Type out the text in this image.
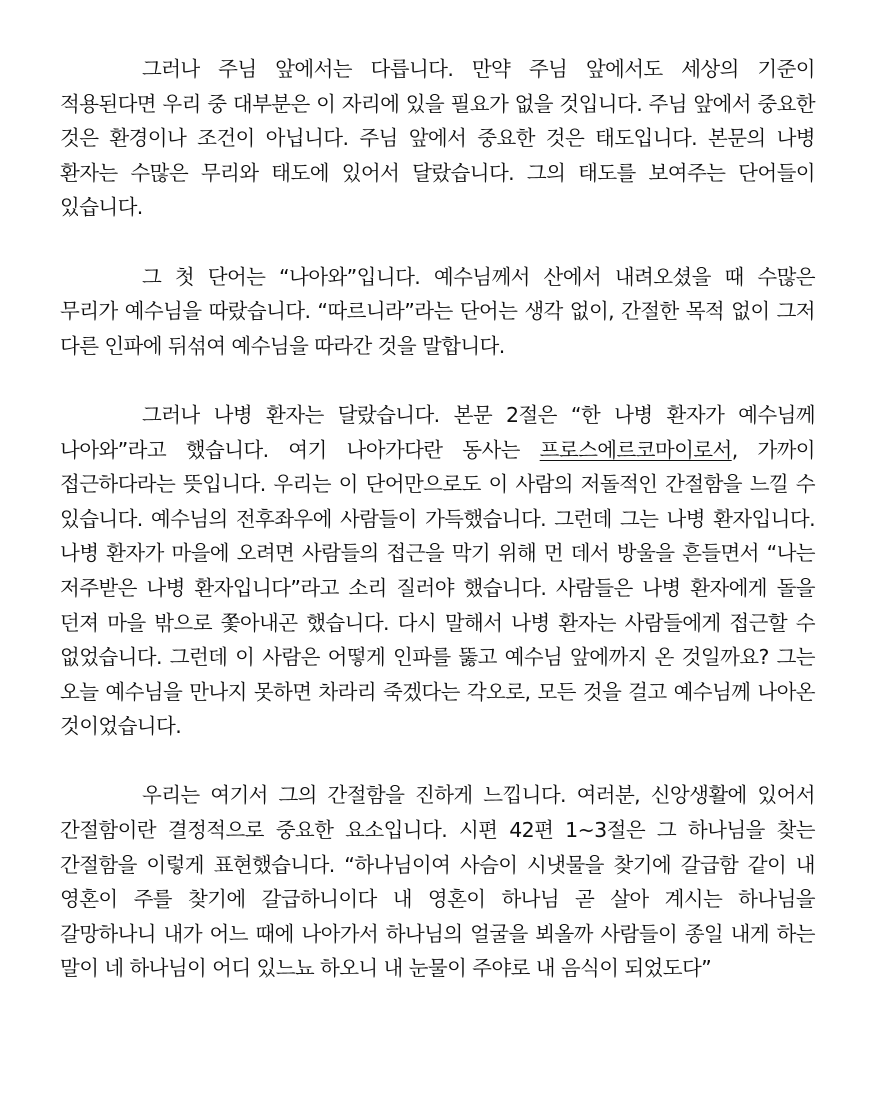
그러나 주님 앞에서는 다릅니다. 만약 주님 앞에서도 세상의 기준이 적용된다면 우리 중 대부분은 이 자리에 있을 필요가 없을 것입니다. 주님 앞에서 중요한 것은 환경이나 조건이 아닙니다. 주님 앞에서 중요한 것은 태도입니다. 본문의 나병 환자는 수많은 무리와 태도에 있어서 달랐습니다. 그의 태도를 보여주는 단어들이 있습니다.

그 첫 단어는 “나아와”입니다. 예수님께서 산에서 내려오셨을 때 수많은 무리가 예수님을 따랐습니다. “따르니라”라는 단어는 생각 없이, 간절한 목적 없이 그저 다른 인파에 뒤섞여 예수님을 따라간 것을 말합니다.

그러나 나병 환자는 달랐습니다. 본문 2절은 “한 나병 환자가 예수님께 나아와”라고 했습니다. 여기 나아가다란 동사는 프로스에르코마이로서, 가까이 접근하다라는 뜻입니다. 우리는 이 단어만으로도 이 사람의 저돌적인 간절함을 느낄 수 있습니다. 예수님의 전후좌우에 사람들이 가득했습니다. 그런데 그는 나병 환자입니다. 나병 환자가 마을에 오려면 사람들의 접근을 막기 위해 먼 데서 방울을 흔들면서 “나는 저주받은 나병 환자입니다”라고 소리 질러야 했습니다. 사람들은 나병 환자에게 돌을 던져 마을 밖으로 쫓아내곤 했습니다. 다시 말해서 나병 환자는 사람들에게 접근할 수 없었습니다. 그런데 이 사람은 어떻게 인파를 뚫고 예수님 앞에까지 온 것일까요? 그는 오늘 예수님을 만나지 못하면 차라리 죽겠다는 각오로, 모든 것을 걸고 예수님께 나아온 것이었습니다.

우리는 여기서 그의 간절함을 진하게 느낍니다. 여러분, 신앙생활에 있어서 간절함이란 결정적으로 중요한 요소입니다. 시편 42편 1~3절은 그 하나님을 찾는 간절함을 이렇게 표현했습니다. “하나님이여 사슴이 시냇물을 찾기에 갈급함 같이 내 영혼이 주를 찾기에 갈급하니이다 내 영혼이 하나님 곧 살아 계시는 하나님을 갈망하나니 내가 어느 때에 나아가서 하나님의 얼굴을 뵈올까 사람들이 종일 내게 하는 말이 네 하나님이 어디 있느뇨 하오니 내 눈물이 주야로 내 음식이 되었도다”
